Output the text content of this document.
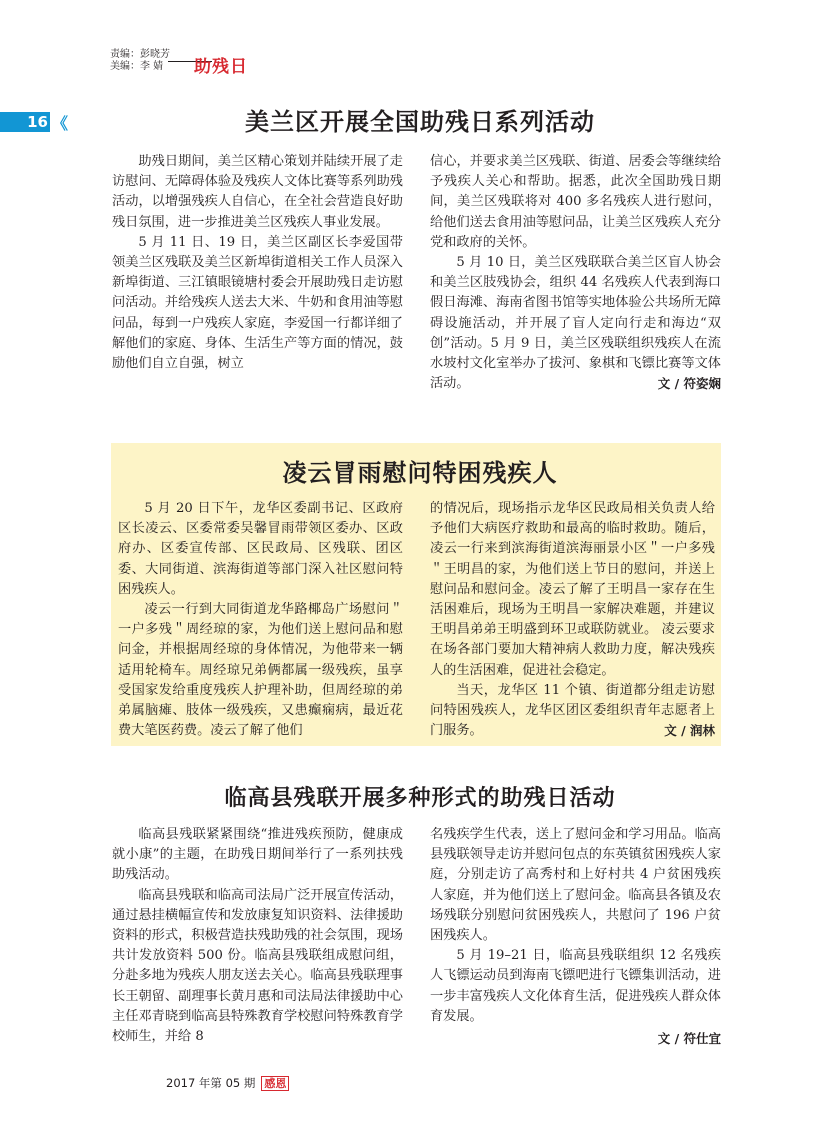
责编：彭晓芳
美编：李 婧	助残日
16 《	美兰区开展全国助残日系列活动

助残日期间，美兰区精心策划并陆续开展了走访慰问、无障碍体验及残疾人文体比赛等系列助残活动，以增强残疾人自信心，在全社会营造良好助残日氛围，进一步推进美兰区残疾人事业发展。

5 月 11 日、19 日，美兰区副区长李爱国带领美兰区残联及美兰区新埠街道相关工作人员深入新埠街道、三江镇眼镜塘村委会开展助残日走访慰问活动。并给残疾人送去大米、牛奶和食用油等慰问品，每到一户残疾人家庭，李爱国一行都详细了解他们的家庭、身体、生活生产等方面的情况，鼓励他们自立自强，树立

信心，并要求美兰区残联、街道、居委会等继续给予残疾人关心和帮助。据悉，此次全国助残日期间，美兰区残联将对 400 多名残疾人进行慰问，给他们送去食用油等慰问品，让美兰区残疾人充分党和政府的关怀。

5 月 10 日，美兰区残联联合美兰区盲人协会和美兰区肢残协会，组织 44 名残疾人代表到海口假日海滩、海南省图书馆等实地体验公共场所无障碍设施活动，并开展了盲人定向行走和海边“双创”活动。5 月 9 日，美兰区残联组织残疾人在流水坡村文化室举办了拔河、象棋和飞镖比赛等文体活动。	文 / 符姿娴

凌云冒雨慰问特困残疾人

5 月 20 日下午，龙华区委副书记、区政府区长凌云、区委常委吴馨冒雨带领区委办、区政府办、区委宣传部、区民政局、区残联、团区委、大同街道、滨海街道等部门深入社区慰问特困残疾人。

凌云一行到大同街道龙华路椰岛广场慰问＂一户多残＂周经琼的家，为他们送上慰问品和慰问金，并根据周经琼的身体情况，为他带来一辆适用轮椅车。周经琼兄弟俩都属一级残疾，虽享受国家发给重度残疾人护理补助，但周经琼的弟弟属脑瘫、肢体一级残疾，又患癫痫病，最近花费大笔医药费。凌云了解了他们

的情况后，现场指示龙华区民政局相关负责人给予他们大病医疗救助和最高的临时救助。随后，凌云一行来到滨海街道滨海丽景小区＂一户多残＂王明昌的家，为他们送上节日的慰问，并送上慰问品和慰问金。凌云了解了王明昌一家存在生活困难后，现场为王明昌一家解决难题，并建议王明昌弟弟王明盛到环卫或联防就业。 凌云要求在场各部门要加大精神病人救助力度，解决残疾人的生活困难，促进社会稳定。

当天，龙华区 11 个镇、街道都分组走访慰问特困残疾人，龙华区团区委组织青年志愿者上门服务。	文 / 润林

临高县残联开展多种形式的助残日活动

临高县残联紧紧围绕“推进残疾预防，健康成就小康”的主题，在助残日期间举行了一系列扶残助残活动。

临高县残联和临高司法局广泛开展宣传活动，通过悬挂横幅宣传和发放康复知识资料、法律援助资料的形式，积极营造扶残助残的社会氛围，现场共计发放资料 500 份。临高县残联组成慰问组，分赴多地为残疾人朋友送去关心。临高县残联理事长王朝留、副理事长黄月惠和司法局法律援助中心主任邓青晓到临高县特殊教育学校慰问特殊教育学校师生，并给 8

名残疾学生代表，送上了慰问金和学习用品。临高县残联领导走访并慰问包点的东英镇贫困残疾人家庭，分别走访了高秀村和上好村共 4 户贫困残疾人家庭，并为他们送上了慰问金。临高县各镇及农场残联分别慰问贫困残疾人，共慰问了 196 户贫困残疾人。

5 月 19–21 日，临高县残联组织 12 名残疾人飞镖运动员到海南飞镖吧进行飞镖集训活动，进一步丰富残疾人文化体育生活，促进残疾人群众体育发展。

文 / 符仕宜
2017 年第 05 期 感恩
